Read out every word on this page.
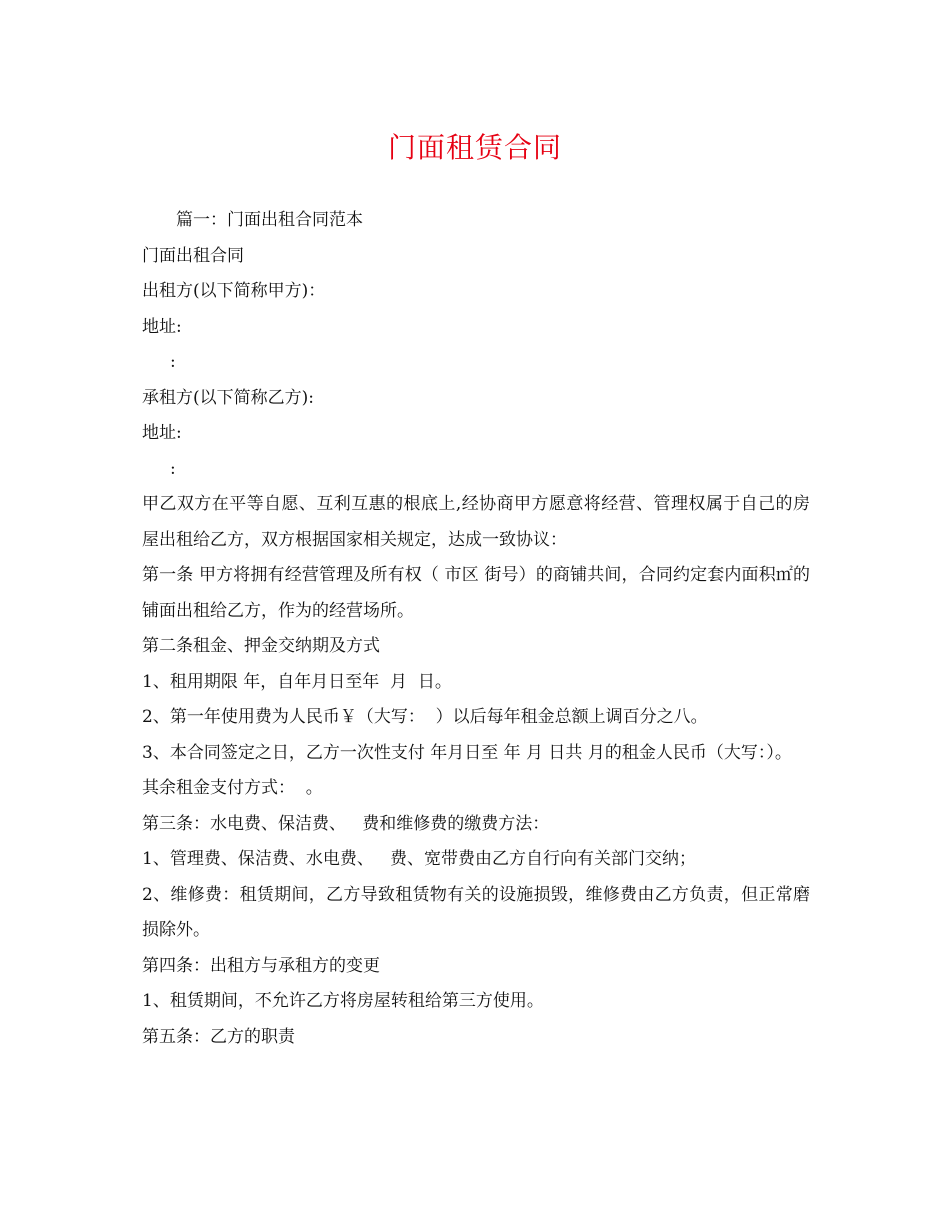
门面租赁合同
篇一：门面出租合同范本
门面出租合同
出租方(以下简称甲方)：
地址:
:
承租方(以下简称乙方):
地址:
:
甲乙双方在平等自愿、互利互惠的根底上,经协商甲方愿意将经营、管理权属于自己的房屋出租给乙方，双方根据国家相关规定，达成一致协议：
第一条 甲方将拥有经营管理及所有权（ 市区 街号）的商铺共间，合同约定套内面积㎡的铺面出租给乙方，作为的经营场所。
第二条租金、押金交纳期及方式
1、租用期限 年，自年月日至年  月  日。
2、第一年使用费为人民币￥（大写：  ）以后每年租金总额上调百分之八。
3、本合同签定之日，乙方一次性支付 年月日至 年 月 日共 月的租金人民币（大写：）。
其余租金支付方式：  。
第三条：水电费、保洁费、   费和维修费的缴费方法：
1、管理费、保洁费、水电费、   费、宽带费由乙方自行向有关部门交纳；
2、维修费：租赁期间，乙方导致租赁物有关的设施损毁，维修费由乙方负责，但正常磨损除外。
第四条：出租方与承租方的变更
1、租赁期间，不允许乙方将房屋转租给第三方使用。
第五条：乙方的职责
